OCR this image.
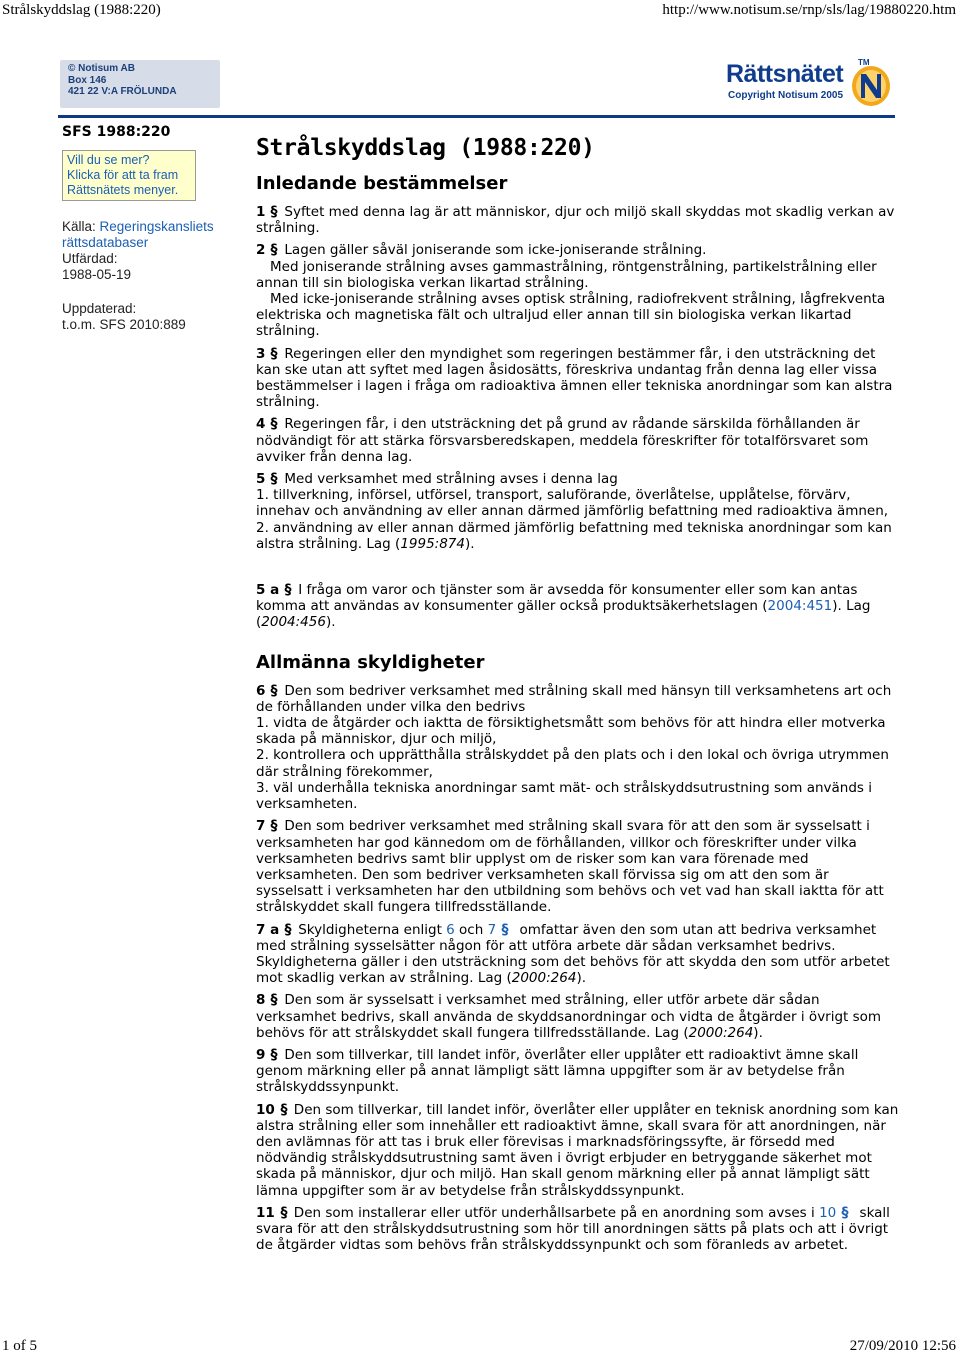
Strålskyddslag (1988:220)	http://www.notisum.se/rnp/sls/lag/19880220.htm
© Notisum AB
Box 146
421 22 V:A FRÖLUNDA
Rättsnätet TM
Copyright Notisum 2005
SFS 1988:220
Vill du se mer?
Klicka för att ta fram
Rättsnätets menyer.
Källa: Regeringskansliets rättsdatabaser
Utfärdad:
1988-05-19
Uppdaterad:
t.o.m. SFS 2010:889
Strålskyddslag (1988:220)
Inledande bestämmelser

1 § Syftet med denna lag är att människor, djur och miljö skall skyddas mot skadlig verkan av strålning.

2 § Lagen gäller såväl joniserande som icke-joniserande strålning.

Med joniserande strålning avses gammastrålning, röntgenstrålning, partikelstrålning eller annan till sin biologiska verkan likartad strålning.

Med icke-joniserande strålning avses optisk strålning, radiofrekvent strålning, lågfrekventa elektriska och magnetiska fält och ultraljud eller annan till sin biologiska verkan likartad strålning.

3 § Regeringen eller den myndighet som regeringen bestämmer får, i den utsträckning det kan ske utan att syftet med lagen åsidosätts, föreskriva undantag från denna lag eller vissa bestämmelser i lagen i fråga om radioaktiva ämnen eller tekniska anordningar som kan alstra strålning.

4 § Regeringen får, i den utsträckning det på grund av rådande särskilda förhållanden är nödvändigt för att stärka försvarsberedskapen, meddela föreskrifter för totalförsvaret som avviker från denna lag.

5 § Med verksamhet med strålning avses i denna lag

1. tillverkning, införsel, utförsel, transport, saluförande, överlåtelse, upplåtelse, förvärv, innehav och användning av eller annan därmed jämförlig befattning med radioaktiva ämnen,

2. användning av eller annan därmed jämförlig befattning med tekniska anordningar som kan alstra strålning. Lag (1995:874).

5 a § I fråga om varor och tjänster som är avsedda för konsumenter eller som kan antas komma att användas av konsumenter gäller också produktsäkerhetslagen (2004:451). Lag (2004:456).

Allmänna skyldigheter

6 § Den som bedriver verksamhet med strålning skall med hänsyn till verksamhetens art och de förhållanden under vilka den bedrivs

1. vidta de åtgärder och iaktta de försiktighetsmått som behövs för att hindra eller motverka skada på människor, djur och miljö,

2. kontrollera och upprätthålla strålskyddet på den plats och i den lokal och övriga utrymmen där strålning förekommer,

3. väl underhålla tekniska anordningar samt mät- och strålskyddsutrustning som används i verksamheten.

7 § Den som bedriver verksamhet med strålning skall svara för att den som är sysselsatt i verksamheten har god kännedom om de förhållanden, villkor och föreskrifter under vilka verksamheten bedrivs samt blir upplyst om de risker som kan vara förenade med verksamheten. Den som bedriver verksamheten skall förvissa sig om att den som är sysselsatt i verksamheten har den utbildning som behövs och vet vad han skall iaktta för att strålskyddet skall fungera tillfredsställande.

7 a § Skyldigheterna enligt 6 och 7 § omfattar även den som utan att bedriva verksamhet med strålning sysselsätter någon för att utföra arbete där sådan verksamhet bedrivs. Skyldigheterna gäller i den utsträckning som det behövs för att skydda den som utför arbetet mot skadlig verkan av strålning. Lag (2000:264).

8 § Den som är sysselsatt i verksamhet med strålning, eller utför arbete där sådan verksamhet bedrivs, skall använda de skyddsanordningar och vidta de åtgärder i övrigt som behövs för att strålskyddet skall fungera tillfredsställande. Lag (2000:264).

9 § Den som tillverkar, till landet inför, överlåter eller upplåter ett radioaktivt ämne skall genom märkning eller på annat lämpligt sätt lämna uppgifter som är av betydelse från strålskyddssynpunkt.

10 § Den som tillverkar, till landet inför, överlåter eller upplåter en teknisk anordning som kan alstra strålning eller som innehåller ett radioaktivt ämne, skall svara för att anordningen, när den avlämnas för att tas i bruk eller förevisas i marknadsföringssyfte, är försedd med nödvändig strålskyddsutrustning samt även i övrigt erbjuder en betryggande säkerhet mot skada på människor, djur och miljö. Han skall genom märkning eller på annat lämpligt sätt lämna uppgifter som är av betydelse från strålskyddssynpunkt.

11 § Den som installerar eller utför underhållsarbete på en anordning som avses i 10 § skall svara för att den strålskyddsutrustning som hör till anordningen sätts på plats och att i övrigt de åtgärder vidtas som behövs från strålskyddssynpunkt och som föranleds av arbetet.

1 of 5	27/09/2010 12:56
